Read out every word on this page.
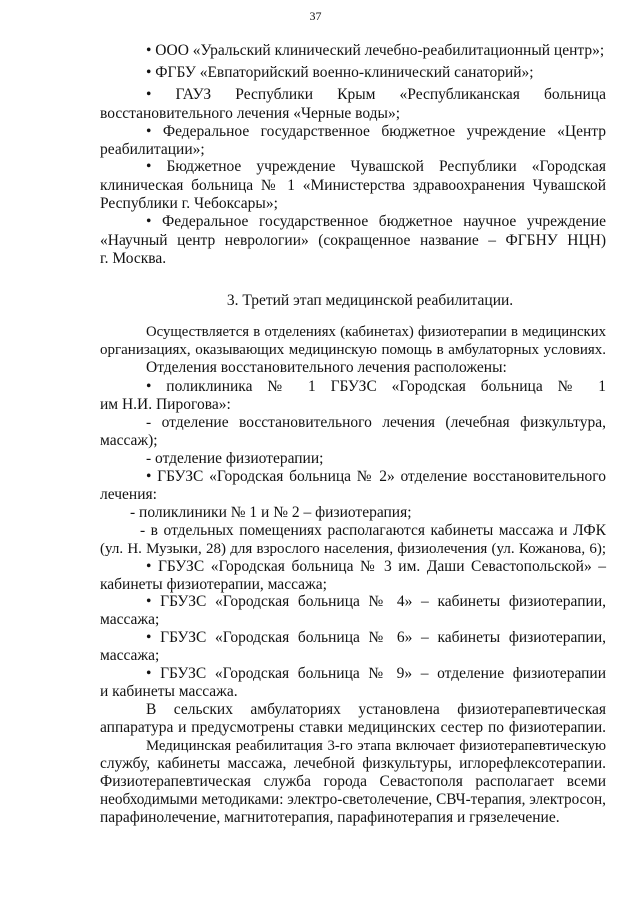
37
• ООО «Уральский клинический лечебно-реабилитационный центр»;
• ФГБУ «Евпаторийский военно-клинический санаторий»;
• ГАУЗ Республики Крым «Республиканская больница
восстановительного лечения «Черные воды»;
• Федеральное государственное бюджетное учреждение «Центр
реабилитации»;
• Бюджетное учреждение Чувашской Республики «Городская
клиническая больница № 1 «Министерства здравоохранения Чувашской
Республики г. Чебоксары»;
• Федеральное государственное бюджетное научное учреждение
«Научный центр неврологии» (сокращенное название – ФГБНУ НЦН)
г. Москва.
3. Третий этап медицинской реабилитации.
Осуществляется в отделениях (кабинетах) физиотерапии в медицинских
организациях, оказывающих медицинскую помощь в амбулаторных условиях.
Отделения восстановительного лечения расположены:
• поликлиника № 1 ГБУЗС «Городская больница № 1
им Н.И. Пирогова»:
- отделение восстановительного лечения (лечебная физкультура,
массаж);
- отделение физиотерапии;
• ГБУЗС «Городская больница № 2» отделение восстановительного
лечения:
- поликлиники № 1 и № 2 – физиотерапия;
- в отдельных помещениях располагаются кабинеты массажа и ЛФК
(ул. Н. Музыки, 28) для взрослого населения, физиолечения (ул. Кожанова, 6);
• ГБУЗС «Городская больница № 3 им. Даши Севастопольской» –
кабинеты физиотерапии, массажа;
• ГБУЗС «Городская больница № 4» – кабинеты физиотерапии,
массажа;
• ГБУЗС «Городская больница № 6» – кабинеты физиотерапии,
массажа;
• ГБУЗС «Городская больница № 9» – отделение физиотерапии
и кабинеты массажа.
В сельских амбулаториях установлена физиотерапевтическая
аппаратура и предусмотрены ставки медицинских сестер по физиотерапии.
Медицинская реабилитация 3-го этапа включает физиотерапевтическую
службу, кабинеты массажа, лечебной физкультуры, иглорефлексотерапии.
Физиотерапевтическая служба города Севастополя располагает всеми
необходимыми методиками: электро-светолечение, СВЧ-терапия, электросон,
парафинолечение, магнитотерапия, парафинотерапия и грязелечение.
